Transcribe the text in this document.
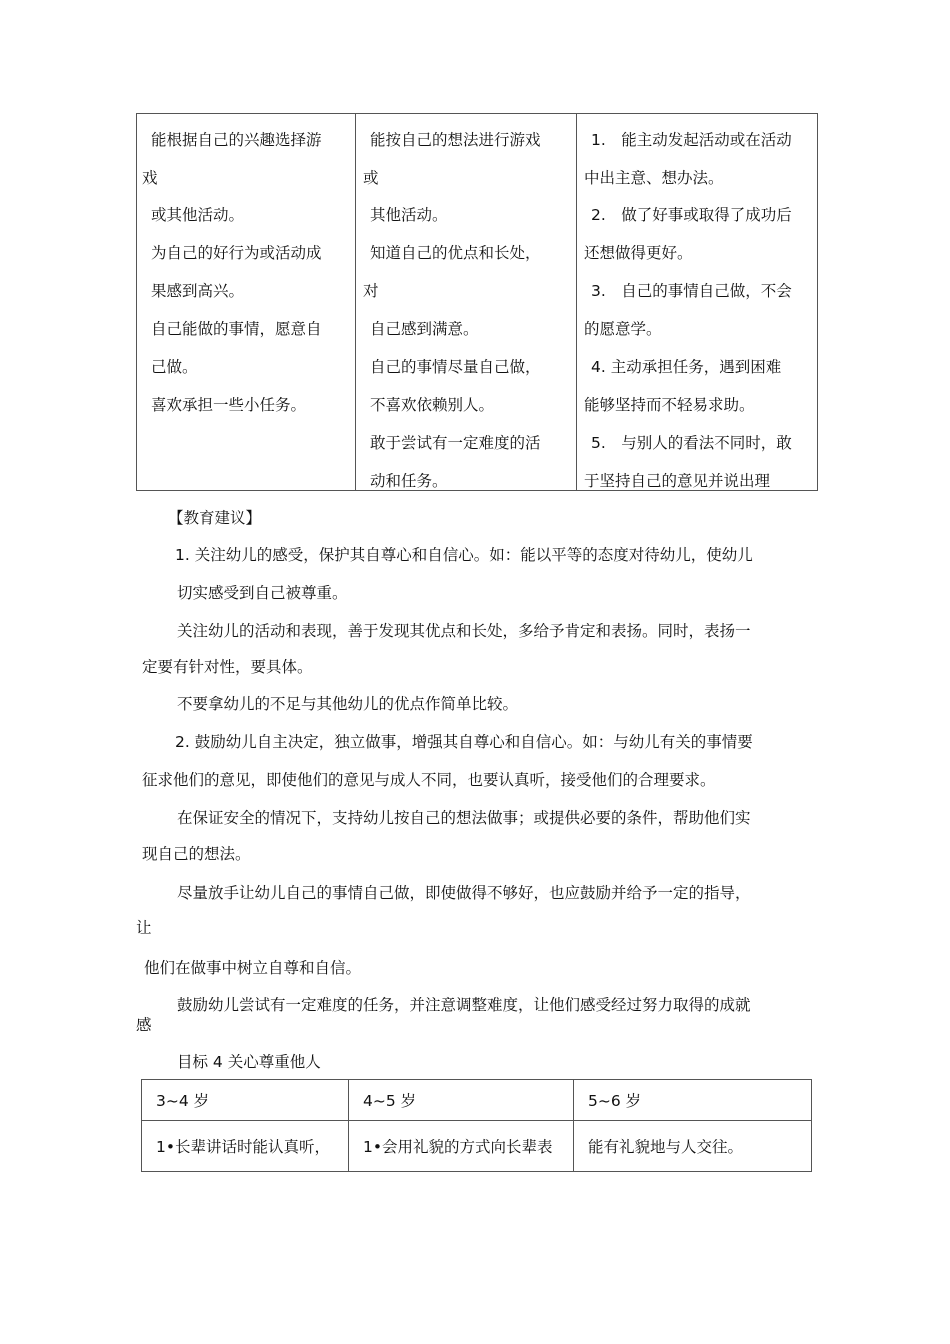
能根据自己的兴趣选择游
戏
或其他活动。
为自己的好行为或活动成
果感到高兴。
自己能做的事情，愿意自
己做。
喜欢承担一些小任务。
能按自己的想法进行游戏
或
其他活动。
知道自己的优点和长处，
对
自己感到满意。
自己的事情尽量自己做，
不喜欢依赖别人。
敢于尝试有一定难度的活
动和任务。
1.　能主动发起活动或在活动
中出主意、想办法。
2.　做了好事或取得了成功后
还想做得更好。
3.　自己的事情自己做，不会
的愿意学。
4. 主动承担任务，遇到困难
能够坚持而不轻易求助。
5.　与别人的看法不同时，敢
于坚持自己的意见并说出理
【教育建议】
1. 关注幼儿的感受，保护其自尊心和自信心。如：能以平等的态度对待幼儿，使幼儿
切实感受到自己被尊重。
关注幼儿的活动和表现，善于发现其优点和长处，多给予肯定和表扬。同时，表扬一
定要有针对性，要具体。
不要拿幼儿的不足与其他幼儿的优点作简单比较。
2. 鼓励幼儿自主决定，独立做事，增强其自尊心和自信心。如：与幼儿有关的事情要
征求他们的意见，即使他们的意见与成人不同，也要认真听，接受他们的合理要求。
在保证安全的情况下，支持幼儿按自己的想法做事；或提供必要的条件，帮助他们实
现自己的想法。
尽量放手让幼儿自己的事情自己做，即使做得不够好，也应鼓励并给予一定的指导，
让
他们在做事中树立自尊和自信。
鼓励幼儿尝试有一定难度的任务，并注意调整难度，让他们感受经过努力取得的成就
感
目标 4 关心尊重他人
3~4 岁	4~5 岁	5~6 岁
1•长辈讲话时能认真听， 1•会用礼貌的方式向长辈表 能有礼貌地与人交往。
